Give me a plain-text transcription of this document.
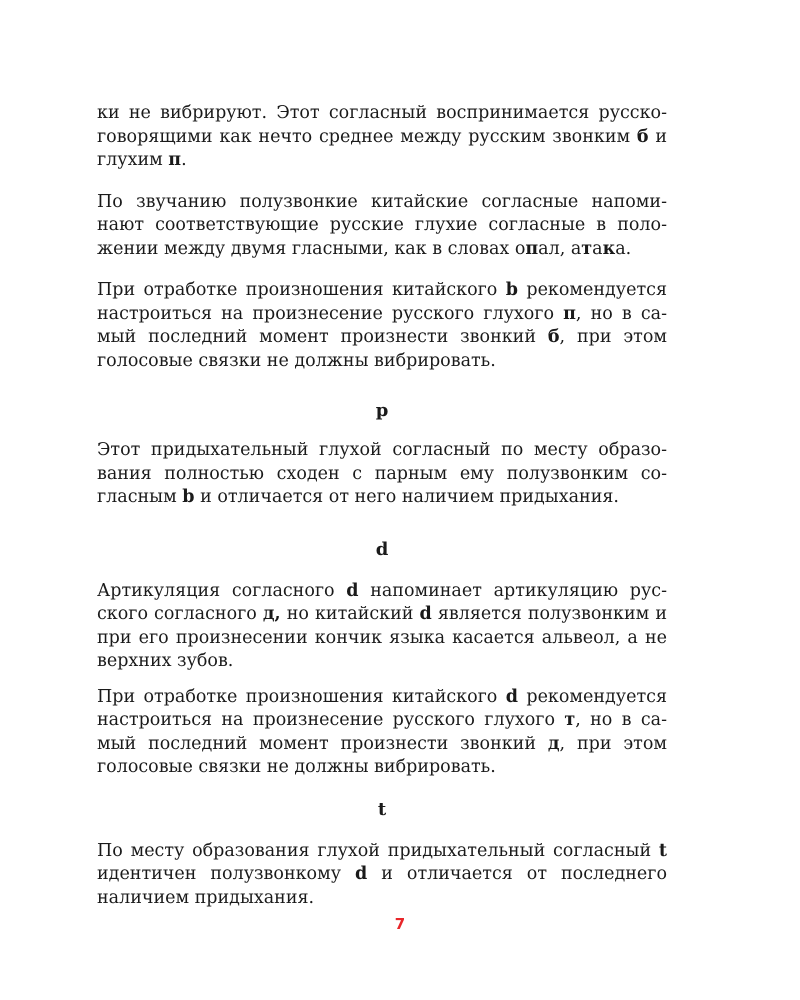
ки не вибрируют. Этот согласный воспринимается русско-говорящими как нечто среднее между русским звонким б и глухим п.

По звучанию полузвонкие китайские согласные напоми-нают соответствующие русские глухие согласные в поло-жении между двумя гласными, как в словах опал, атака.

При отработке произношения китайского b рекомендуется настроиться на произнесение русского глухого п, но в са-мый последний момент произнести звонкий б, при этом голосовые связки не должны вибрировать.

p

Этот придыхательный глухой согласный по месту образо-вания полностью сходен с парным ему полузвонким со-гласным b и отличается от него наличием придыхания.

d

Артикуляция согласного d напоминает артикуляцию рус-ского согласного д, но китайский d является полузвонким и при его произнесении кончик языка касается альвеол, а не верхних зубов.

При отработке произношения китайского d рекомендуется настроиться на произнесение русского глухого т, но в са-мый последний момент произнести звонкий д, при этом голосовые связки не должны вибрировать.

t

По месту образования глухой придыхательный согласный t идентичен полузвонкому d и отличается от последнего наличием придыхания.

7
